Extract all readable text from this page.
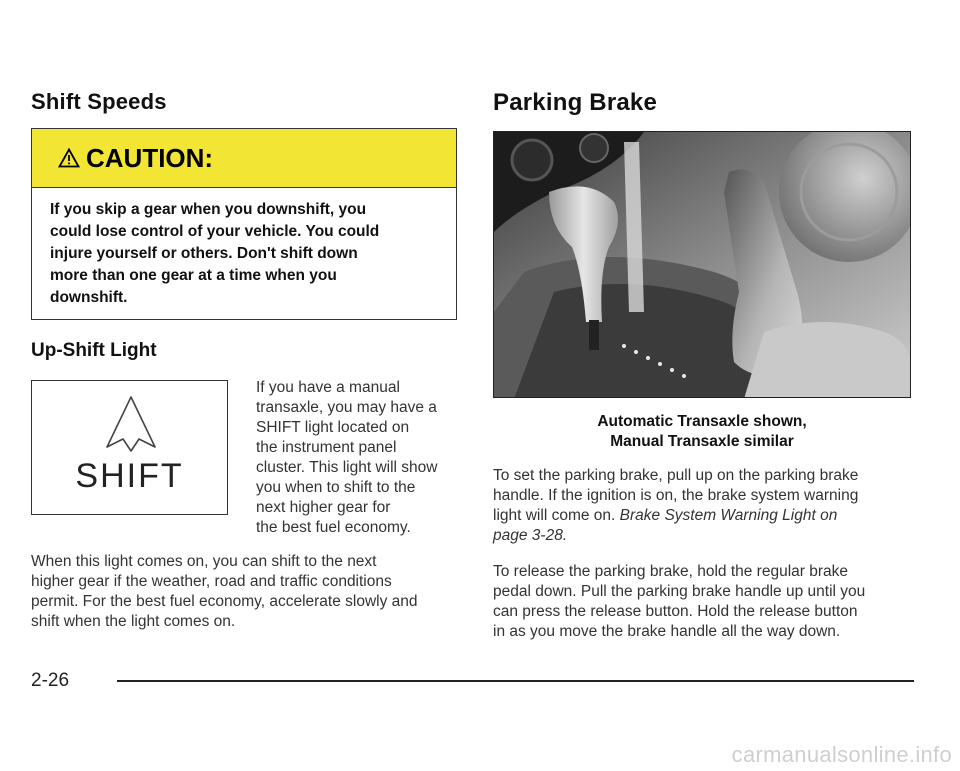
Shift Speeds
CAUTION:
If you skip a gear when you downshift, you
could lose control of your vehicle. You could
injure yourself or others. Don't shift down
more than one gear at a time when you
downshift.
Up-Shift Light
SHIFT
If you have a manual
transaxle, you may have a
SHIFT light located on
the instrument panel
cluster. This light will show
you when to shift to the
next higher gear for
the best fuel economy.
When this light comes on, you can shift to the next
higher gear if the weather, road and traffic conditions
permit. For the best fuel economy, accelerate slowly and
shift when the light comes on.
Parking Brake
Automatic Transaxle shown,
Manual Transaxle similar
To set the parking brake, pull up on the parking brake
handle. If the ignition is on, the brake system warning
light will come on. Brake System Warning Light on
page 3-28.
To release the parking brake, hold the regular brake
pedal down. Pull the parking brake handle up until you
can press the release button. Hold the release button
in as you move the brake handle all the way down.
2-26
carmanualsonline.info
